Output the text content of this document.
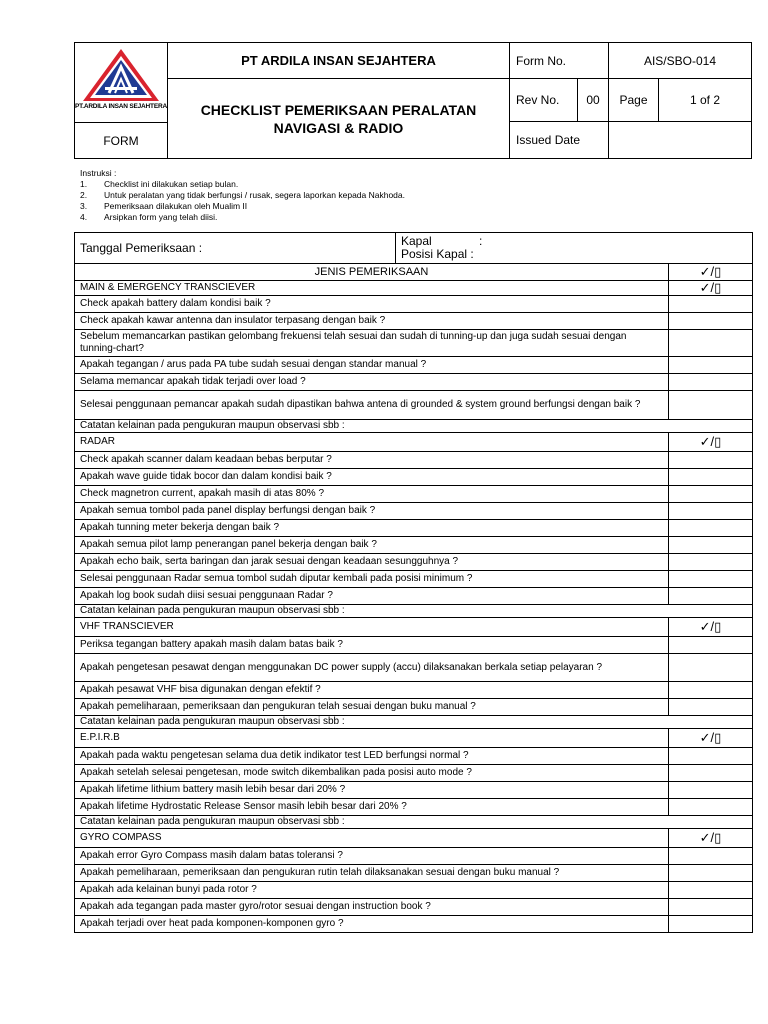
PT.ARDILA INSAN SEJAHTERA
FORM
PT ARDILA INSAN SEJAHTERA
CHECKLIST PEMERIKSAAN PERALATAN NAVIGASI & RADIO
Form No.	AIS/SBO-014
Rev No.	00	Page	1 of 2
Issued Date
Instruksi :
1.	Checklist ini dilakukan setiap bulan.
2.	Untuk peralatan yang tidak berfungsi / rusak, segera laporkan kepada Nakhoda.
3.	Pemeriksaan dilakukan oleh Mualim II
4.	Arsipkan form yang telah diisi.
Tanggal Pemeriksaan :	Kapal :
Posisi Kapal :	

JENIS PEMERIKSAAN		✓/▯
MAIN & EMERGENCY TRANSCIEVER		✓/▯
Check apakah battery dalam kondisi baik ?		
Check apakah kawar antenna dan insulator terpasang dengan baik ?		
Sebelum memancarkan pastikan gelombang frekuensi telah sesuai dan sudah di tunning-up dan juga sudah sesuai dengan tunning-chart?		
Apakah tegangan / arus pada PA tube sudah sesuai dengan standar manual ?		
Selama memancar apakah tidak terjadi over load ?		
Selesai penggunaan pemancar apakah sudah dipastikan bahwa antena di grounded & system ground berfungsi dengan baik ?		
Catatan kelainan pada pengukuran maupun observasi sbb :		
RADAR		✓/▯
Check apakah scanner dalam keadaan bebas berputar ?		
Apakah wave guide tidak bocor dan dalam kondisi baik ?		
Check magnetron current, apakah masih di atas 80% ?		
Apakah semua tombol pada panel display berfungsi dengan baik ?		
Apakah tunning meter bekerja dengan baik ?		
Apakah semua pilot lamp penerangan panel bekerja dengan baik ?		
Apakah echo baik, serta baringan dan jarak sesuai dengan keadaan sesungguhnya ?		
Selesai penggunaan Radar semua tombol sudah diputar kembali pada posisi minimum ?		
Apakah log book sudah diisi sesuai penggunaan Radar ?		
Catatan kelainan pada pengukuran maupun observasi sbb :		
VHF TRANSCIEVER		✓/▯
Periksa tegangan battery apakah masih dalam batas baik ?		
Apakah pengetesan pesawat dengan menggunakan DC power supply (accu) dilaksanakan berkala setiap pelayaran ?		
Apakah pesawat VHF bisa digunakan dengan efektif ?		
Apakah pemeliharaan, pemeriksaan dan pengukuran telah sesuai dengan buku manual ?		
Catatan kelainan pada pengukuran maupun observasi sbb :		
E.P.I.R.B		✓/▯
Apakah pada waktu pengetesan selama dua detik indikator test LED berfungsi normal ?		
Apakah setelah selesai pengetesan, mode switch dikembalikan pada posisi auto mode ?		
Apakah lifetime lithium battery masih lebih besar dari 20% ?		
Apakah lifetime Hydrostatic Release Sensor masih lebih besar dari 20% ?		
Catatan kelainan pada pengukuran maupun observasi sbb :		
GYRO COMPASS		✓/▯
Apakah error Gyro Compass masih dalam batas toleransi ?		
Apakah pemeliharaan, pemeriksaan dan pengukuran rutin telah dilaksanakan sesuai dengan buku manual ?		
Apakah ada kelainan bunyi pada rotor ?		
Apakah ada tegangan pada master gyro/rotor sesuai dengan instruction book ?		
Apakah terjadi over heat pada komponen-komponen gyro ?		
